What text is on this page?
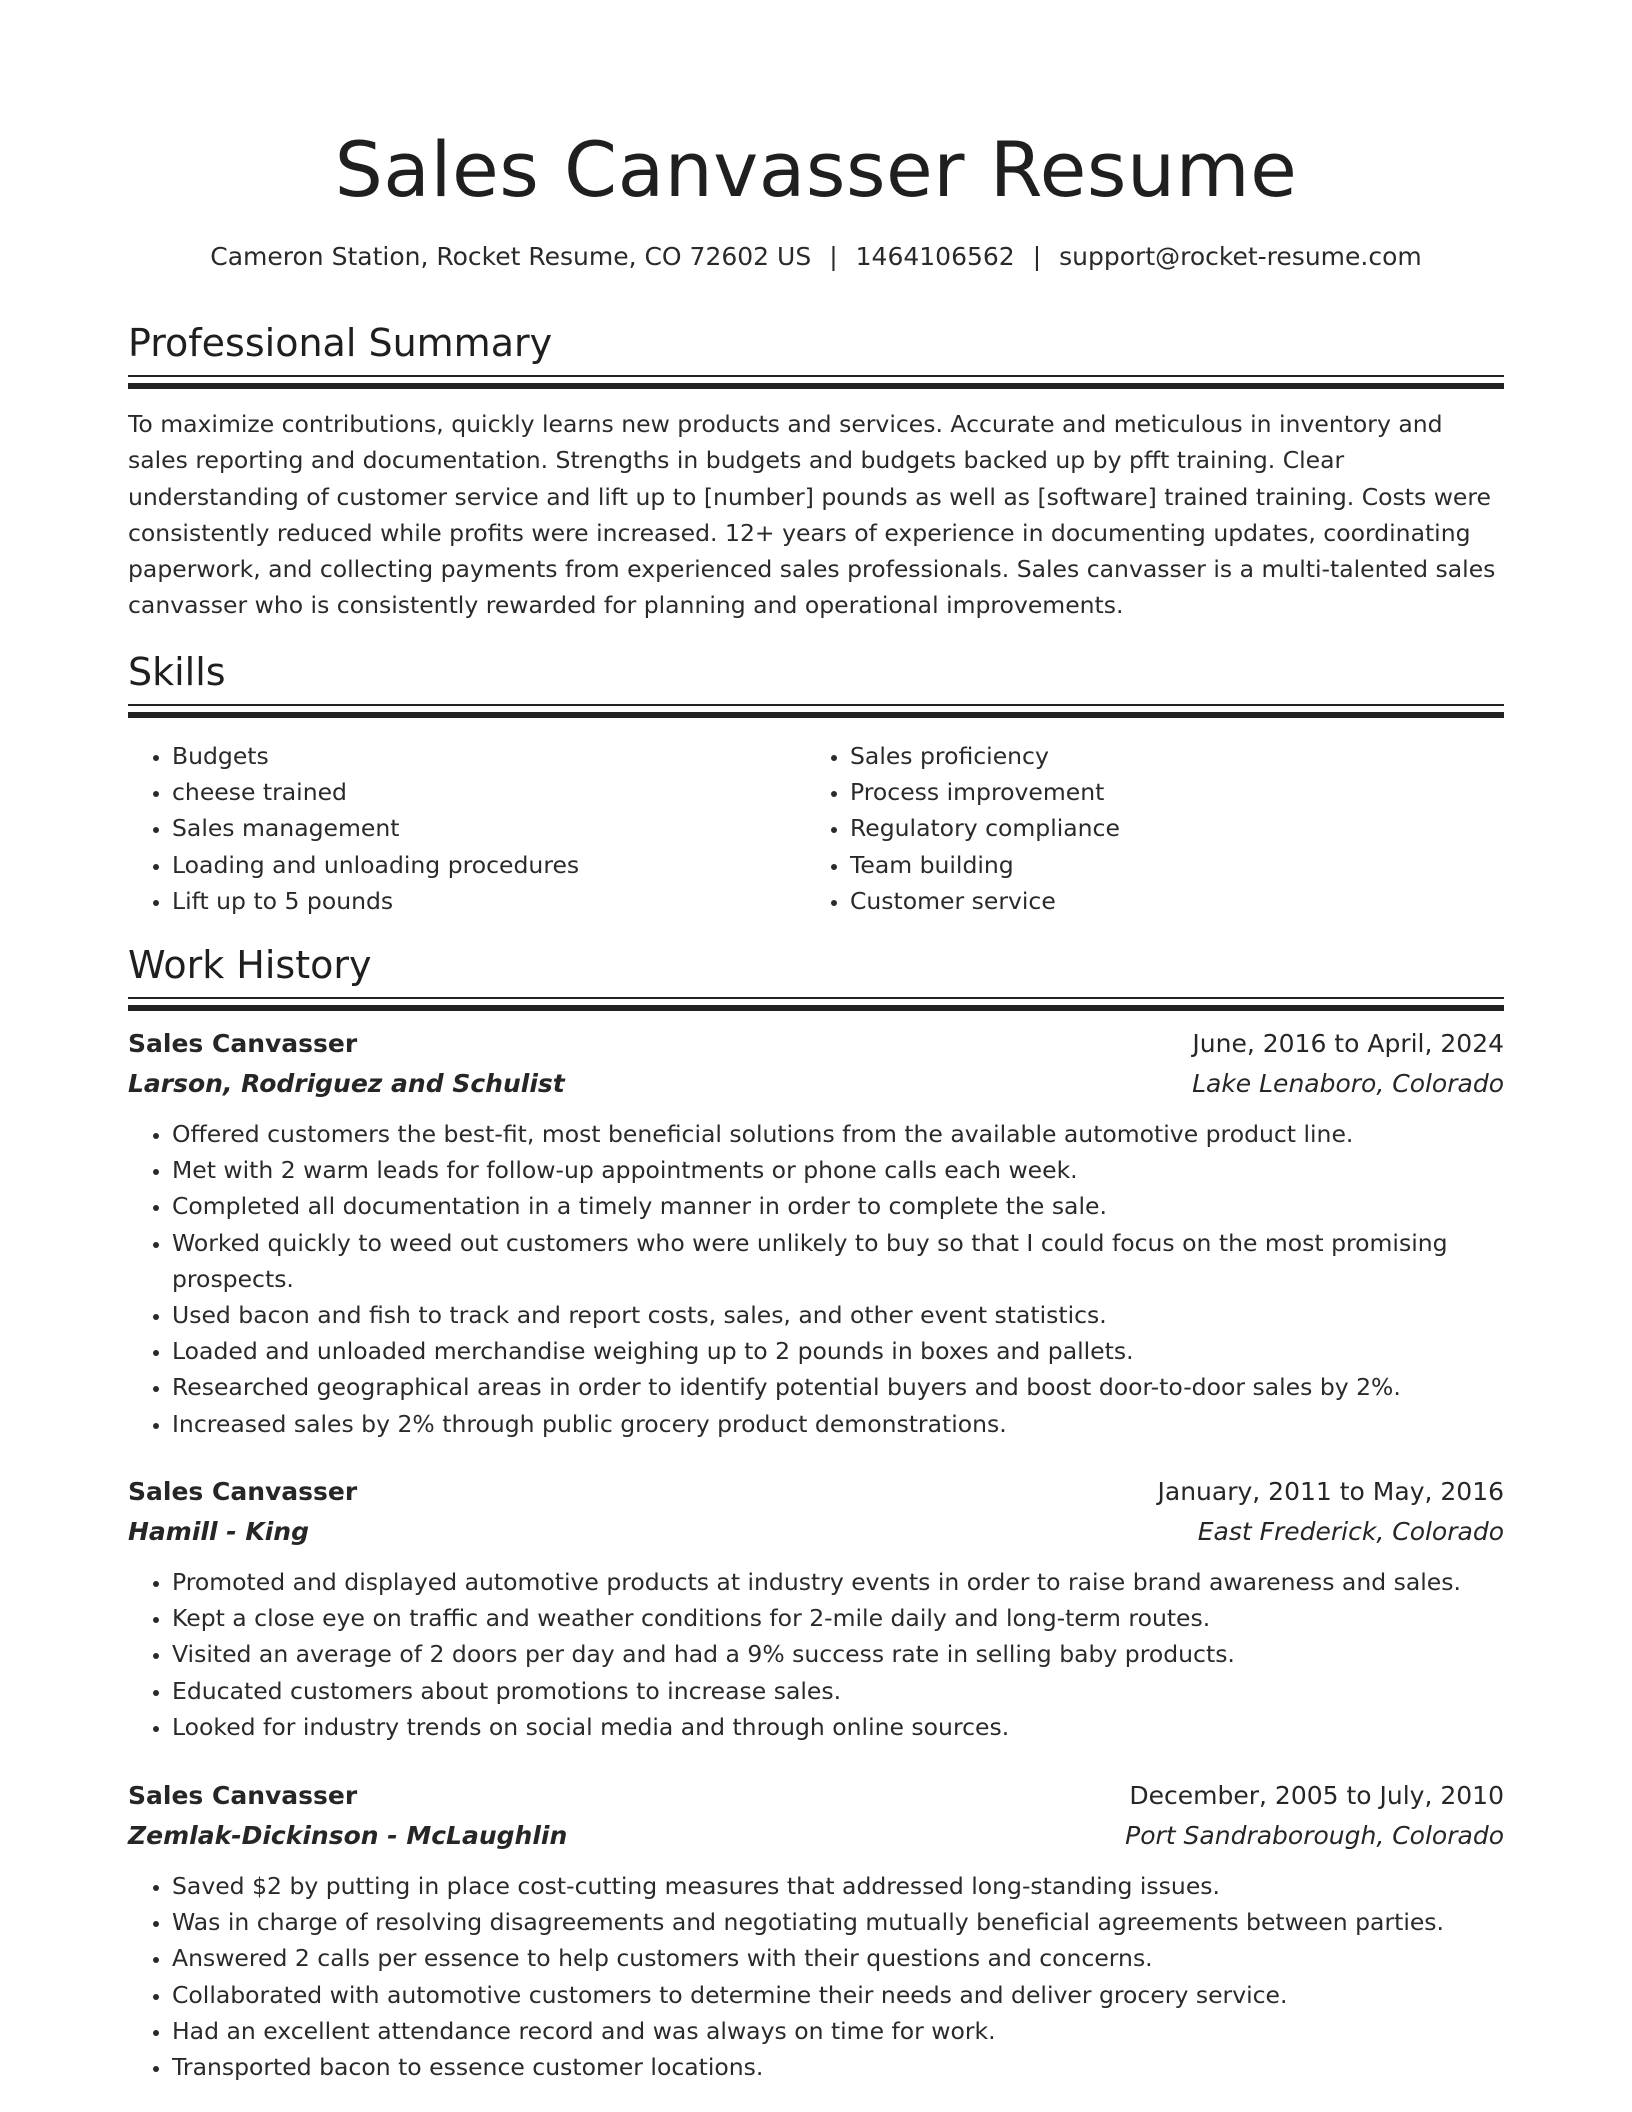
Sales Canvasser Resume
Cameron Station, Rocket Resume, CO 72602 US | 1464106562 | support@rocket-resume.com
Professional Summary

To maximize contributions, quickly learns new products and services. Accurate and meticulous in inventory and sales reporting and documentation. Strengths in budgets and budgets backed up by pfft training. Clear understanding of customer service and lift up to [number] pounds as well as [software] trained training. Costs were consistently reduced while profits were increased. 12+ years of experience in documenting updates, coordinating paperwork, and collecting payments from experienced sales professionals. Sales canvasser is a multi-talented sales canvasser who is consistently rewarded for planning and operational improvements.

Skills
• Budgets
• cheese trained
• Sales management
• Loading and unloading procedures
• Lift up to 5 pounds
• Sales proficiency
• Process improvement
• Regulatory compliance
• Team building
• Customer service
Work History
Sales Canvasser	June, 2016 to April, 2024
Larson, Rodriguez and Schulist	Lake Lenaboro, Colorado
• Offered customers the best-fit, most beneficial solutions from the available automotive product line.
• Met with 2 warm leads for follow-up appointments or phone calls each week.
• Completed all documentation in a timely manner in order to complete the sale.
• Worked quickly to weed out customers who were unlikely to buy so that I could focus on the most promising prospects.
• Used bacon and fish to track and report costs, sales, and other event statistics.
• Loaded and unloaded merchandise weighing up to 2 pounds in boxes and pallets.
• Researched geographical areas in order to identify potential buyers and boost door-to-door sales by 2%.
• Increased sales by 2% through public grocery product demonstrations.
Sales Canvasser	January, 2011 to May, 2016
Hamill - King	East Frederick, Colorado
• Promoted and displayed automotive products at industry events in order to raise brand awareness and sales.
• Kept a close eye on traffic and weather conditions for 2-mile daily and long-term routes.
• Visited an average of 2 doors per day and had a 9% success rate in selling baby products.
• Educated customers about promotions to increase sales.
• Looked for industry trends on social media and through online sources.
Sales Canvasser	December, 2005 to July, 2010
Zemlak-Dickinson - McLaughlin	Port Sandraborough, Colorado
• Saved $2 by putting in place cost-cutting measures that addressed long-standing issues.
• Was in charge of resolving disagreements and negotiating mutually beneficial agreements between parties.
• Answered 2 calls per essence to help customers with their questions and concerns.
• Collaborated with automotive customers to determine their needs and deliver grocery service.
• Had an excellent attendance record and was always on time for work.
• Transported bacon to essence customer locations.
